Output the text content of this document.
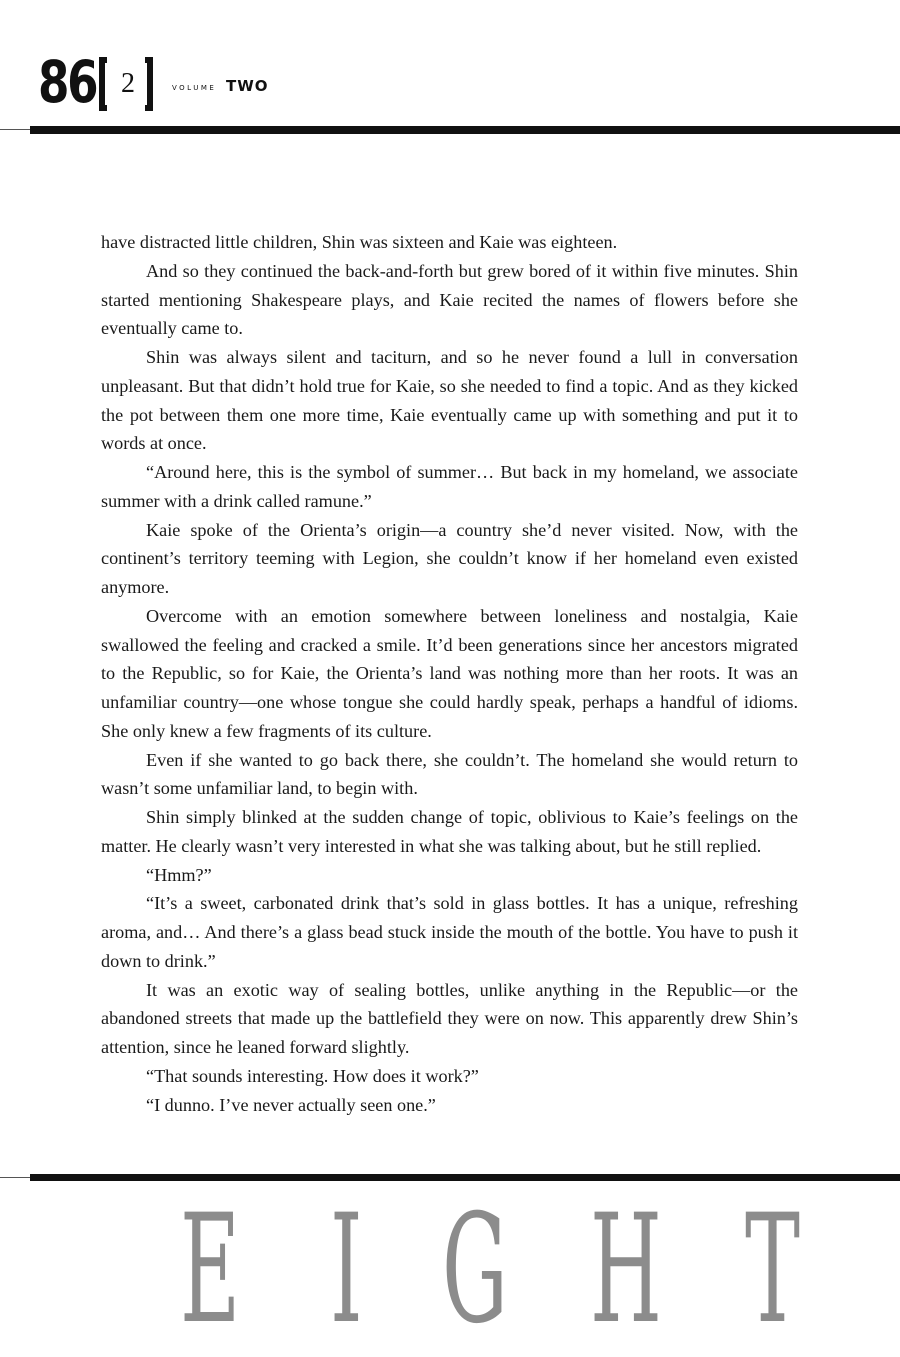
86 2	VOLUME TWO

have distracted little children, Shin was sixteen and Kaie was eighteen.

And so they continued the back-and-forth but grew bored of it within five minutes. Shin started mentioning Shakespeare plays, and Kaie recited the names of flowers before she eventually came to.

Shin was always silent and taciturn, and so he never found a lull in conversation unpleasant. But that didn’t hold true for Kaie, so she needed to find a topic. And as they kicked the pot between them one more time, Kaie eventually came up with something and put it to words at once.

“Around here, this is the symbol of summer… But back in my homeland, we associate summer with a drink called ramune.”

Kaie spoke of the Orienta’s origin—a country she’d never visited. Now, with the continent’s territory teeming with Legion, she couldn’t know if her homeland even existed anymore.

Overcome with an emotion somewhere between loneliness and nostalgia, Kaie swallowed the feeling and cracked a smile. It’d been generations since her ancestors migrated to the Republic, so for Kaie, the Orienta’s land was nothing more than her roots. It was an unfamiliar country—one whose tongue she could hardly speak, perhaps a handful of idioms. She only knew a few fragments of its culture.

Even if she wanted to go back there, she couldn’t. The homeland she would return to wasn’t some unfamiliar land, to begin with.

Shin simply blinked at the sudden change of topic, oblivious to Kaie’s feelings on the matter. He clearly wasn’t very interested in what she was talking about, but he still replied.

“Hmm?”

“It’s a sweet, carbonated drink that’s sold in glass bottles. It has a unique, refreshing aroma, and… And there’s a glass bead stuck inside the mouth of the bottle. You have to push it down to drink.”

It was an exotic way of sealing bottles, unlike anything in the Republic—or the abandoned streets that made up the battlefield they were on now. This apparently drew Shin’s attention, since he leaned forward slightly.

“That sounds interesting. How does it work?”

“I dunno. I’ve never actually seen one.”

E I G H T
